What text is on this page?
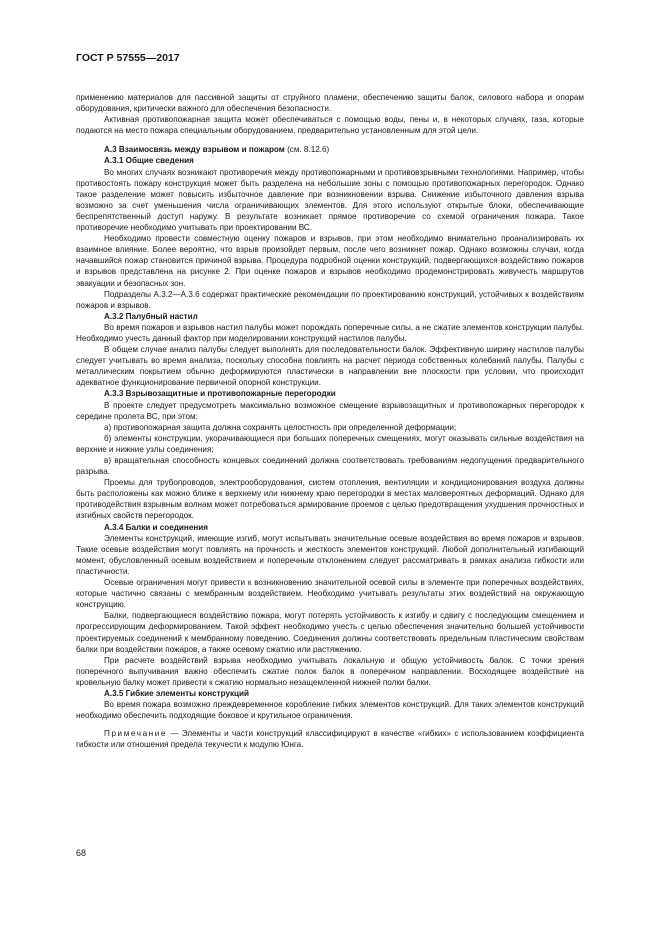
ГОСТ Р 57555—2017

применению материалов для пассивной защиты от струйного пламени, обеспечению защиты балок, силового набора и опорам оборудования, критически важного для обеспечения безопасности.

Активная противопожарная защита может обеспечиваться с помощью воды, пены и, в некоторых случаях, газа, которые подаются на место пожара специальным оборудованием, предварительно установленным для этой цели.

А.3 Взаимосвязь между взрывом и пожаром (см. 8.12.6)
А.3.1 Общие сведения

Во многих случаях возникают противоречия между противопожарными и противовзрывными технологиями. Например, чтобы противостоять пожару конструкция может быть разделена на небольшие зоны с помощью противопожарных перегородок. Однако такое разделение может повысить избыточное давление при возникновении взрыва. Снижение избыточного давления взрыва возможно за счет уменьшения числа ограничивающих элементов. Для этого используют открытые блоки, обеспечивающие беспрепятственный доступ наружу. В результате возникает прямое противоречие со схемой ограничения пожара. Такое противоречие необходимо учитывать при проектировании ВС.

Необходимо провести совместную оценку пожаров и взрывов, при этом необходимо внимательно проанализировать их взаимное влияние. Более вероятно, что взрыв произойдет первым, после чего возникнет пожар. Однако возможны случаи, когда начавшийся пожар становится причиной взрыва. Процедура подробной оценки конструкций, подвергающихся воздействию пожаров и взрывов представлена на рисунке 2. При оценке пожаров и взрывов необходимо продемонстрировать живучесть маршрутов эвакуации и безопасных зон.

Подразделы А.3.2—А.3.6 содержат практические рекомендации по проектированию конструкций, устойчивых к воздействиям пожаров и взрывов.

А.3.2 Палубный настил

Во время пожаров и взрывов настил палубы может порождать поперечные силы, а не сжатие элементов конструкции палубы. Необходимо учесть данный фактор при моделировании конструкций настилов палубы.

В общем случае анализ палубы следует выполнять для последовательности балок. Эффективную ширину настилов палубы следует учитывать во время анализа, поскольку способна повлиять на расчет периода собственных колебаний палубы. Палубы с металлическим покрытием обычно деформируются пластически в направлении вне плоскости при условии, что происходит адекватное функционирование первичной опорной конструкции.

А.3.3 Взрывозащитные и противопожарные перегородки

В проекте следует предусмотреть максимально возможное смещение взрывозащитных и противопожарных перегородок к середине пролета ВС, при этом:

а) противопожарная защита должна сохранять целостность при определенной деформации;

б) элементы конструкции, укорачивающиеся при больших поперечных смещениях, могут оказывать сильные воздействия на верхние и нижние узлы соединения;

в) вращательная способность концевых соединений должна соответствовать требованиям недопущения предварительного разрыва.

Проемы для трубопроводов, электрооборудования, систем отопления, вентиляции и кондиционирования воздуха должны быть расположены как можно ближе к верхнему или нижнему краю перегородки в местах маловероятных деформаций. Однако для противодействия взрывным волнам может потребоваться армирование проемов с целью предотвращения ухудшения прочностных и изгибных свойств перегородок.

А.3.4 Балки и соединения

Элементы конструкций, имеющие изгиб, могут испытывать значительные осевые воздействия во время пожаров и взрывов. Такие осевые воздействия могут повлиять на прочность и жесткость элементов конструкций. Любой дополнительный изгибающий момент, обусловленный осевым воздействием и поперечным отклонением следует рассматривать в рамках анализа гибкости или пластичности.

Осевые ограничения могут привести к возникновению значительной осевой силы в элементе при поперечных воздействиях, которые частично связаны с мембранным воздействием. Необходимо учитывать результаты этих воздействий на окружающую конструкцию.

Балки, подвергающиеся воздействию пожара, могут потерять устойчивость к изгибу и сдвигу с последующим смещением и прогрессирующим деформированием. Такой эффект необходимо учесть с целью обеспечения значительно большей устойчивости проектируемых соединений к мембранному поведению. Соединения должны соответствовать предельным пластическим свойствам балки при воздействии пожаров, а также осевому сжатию или растяжению.

При расчете воздействий взрыва необходимо учитывать локальную и общую устойчивость балок. С точки зрения поперечного выпучивания важно обеспечить сжатие полок балок в поперечном направлении. Восходящее воздействие на кровельную балку может привести к сжатию нормально незащемленной нижней полки балки.

А.3.5 Гибкие элементы конструкций

Во время пожара возможно преждевременное коробление гибких элементов конструкций. Для таких элементов конструкций необходимо обеспечить подходящие боковое и крутильное ограничения.

Примечание — Элементы и части конструкций классифицируют в качестве «гибких» с использованием коэффициента гибкости или отношения предела текучести к модулю Юнга.

68
